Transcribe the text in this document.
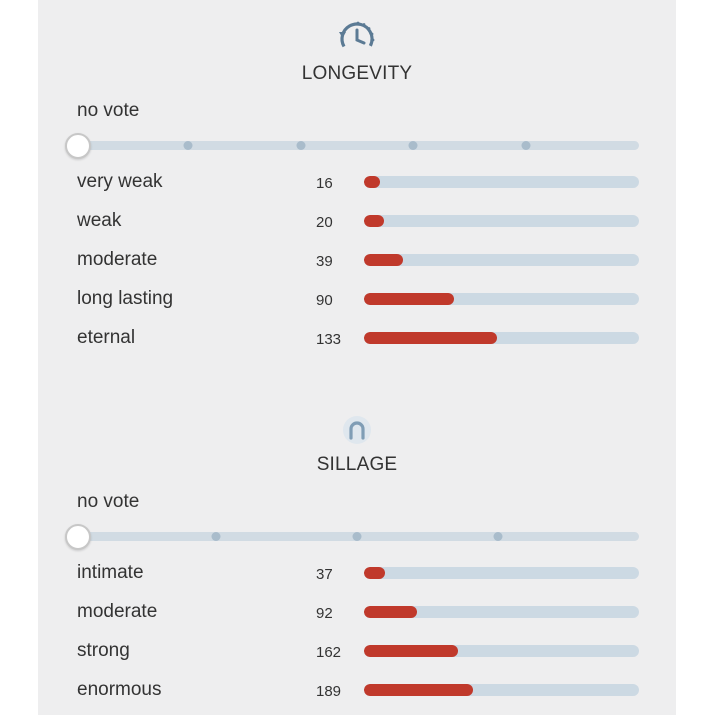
LONGEVITY
no vote
very weak	16
weak	20
moderate	39
long lasting	90
eternal	133
SILLAGE
no vote
intimate	37
moderate	92
strong	162
enormous	189
